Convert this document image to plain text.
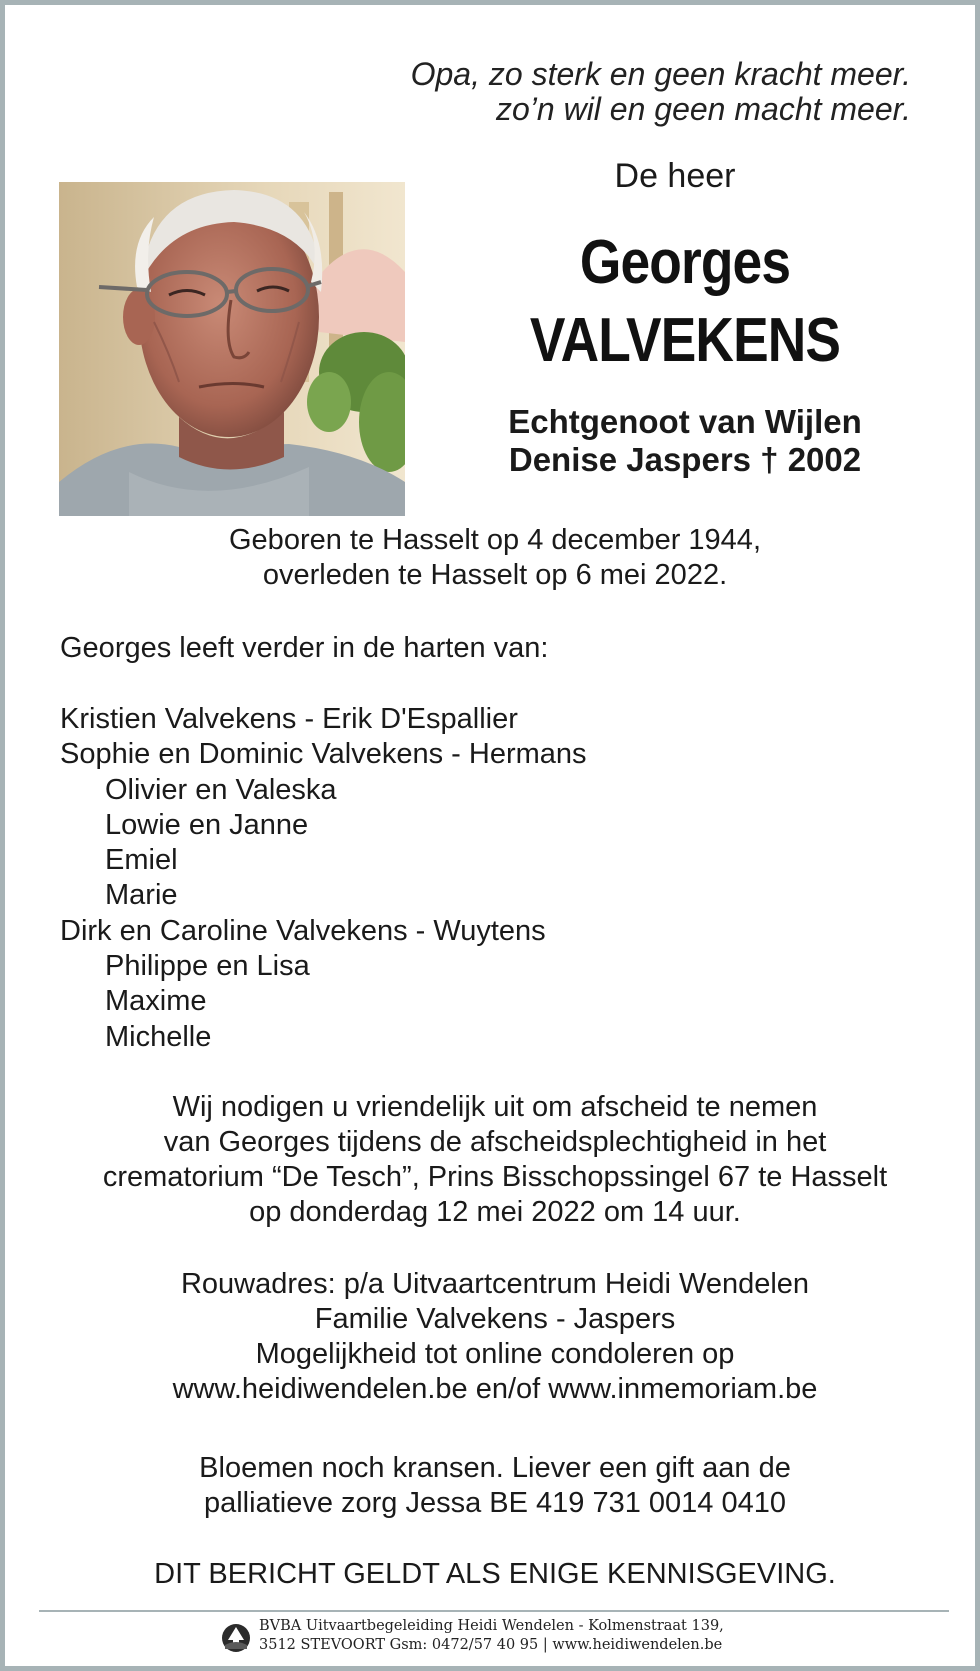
Opa, zo sterk en geen kracht meer.
zo’n wil en geen macht meer.
De heer
Georges
VALVEKENS
Echtgenoot van Wijlen
Denise Jaspers † 2002
Geboren te Hasselt op 4 december 1944,
overleden te Hasselt op 6 mei 2022.
Georges leeft verder in de harten van:
Kristien Valvekens - Erik D'Espallier
Sophie en Dominic Valvekens - Hermans
Olivier en Valeska
Lowie en Janne
Emiel
Marie
Dirk en Caroline Valvekens - Wuytens
Philippe en Lisa
Maxime
Michelle
Wij nodigen u vriendelijk uit om afscheid te nemen
van Georges tijdens de afscheidsplechtigheid in het
crematorium “De Tesch”, Prins Bisschopssingel 67 te Hasselt
op donderdag 12 mei 2022 om 14 uur.
Rouwadres: p/a Uitvaartcentrum Heidi Wendelen
Familie Valvekens - Jaspers
Mogelijkheid tot online condoleren op
www.heidiwendelen.be en/of www.inmemoriam.be
Bloemen noch kransen. Liever een gift aan de
palliatieve zorg Jessa BE 419 731 0014 0410
DIT BERICHT GELDT ALS ENIGE KENNISGEVING.
BVBA Uitvaartbegeleiding Heidi Wendelen - Kolmenstraat 139,
3512 STEVOORT Gsm: 0472/57 40 95 | www.heidiwendelen.be
